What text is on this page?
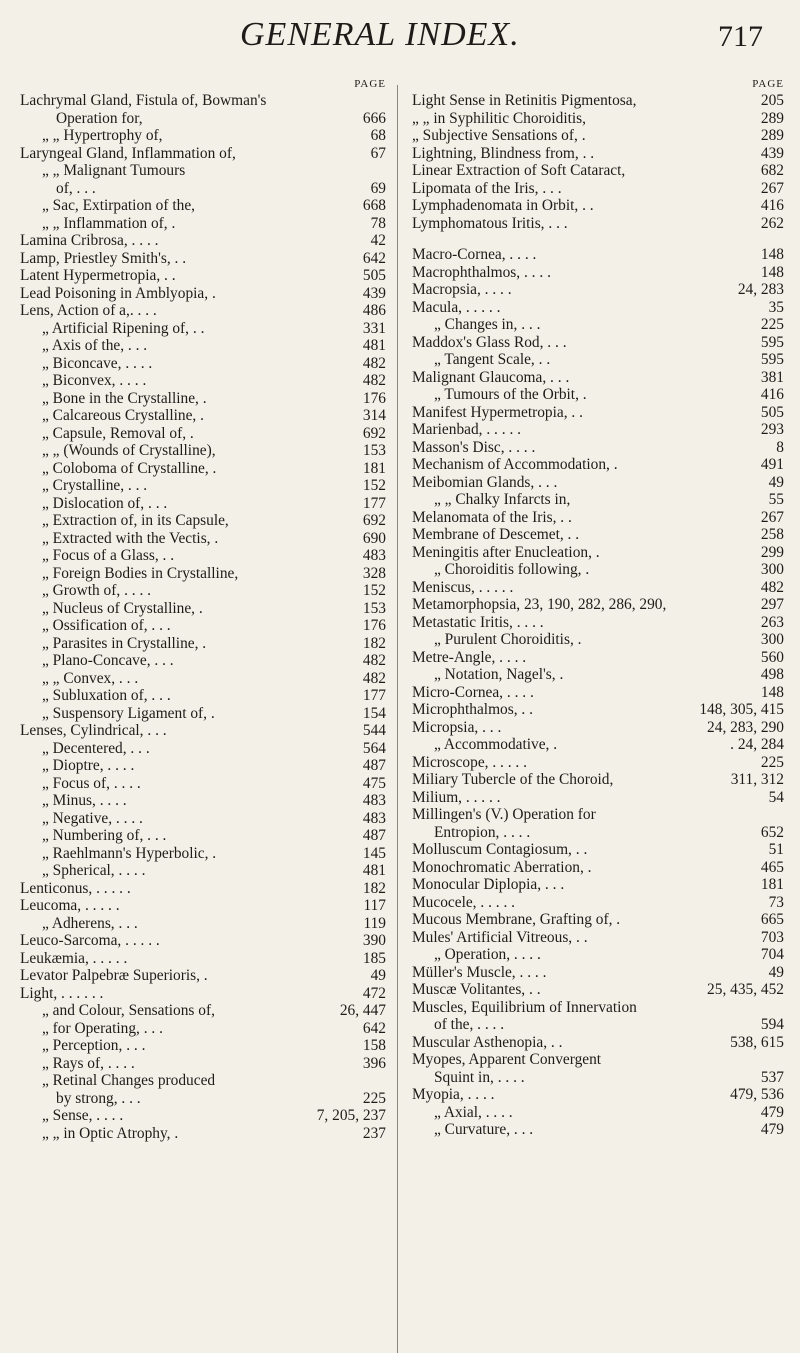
GENERAL INDEX.	717
PAGE
Lachrymal Gland, Fistula of, Bowman's
Operation for,	666
„ „ Hypertrophy of,	68
Laryngeal Gland, Inflammation of,	67
„ „ Malignant Tumours
of, . . .	69
„ Sac, Extirpation of the,	668
„ „ Inflammation of, .	78
Lamina Cribrosa, . . . .	42
Lamp, Priestley Smith's, . .	642
Latent Hypermetropia, . .	505
Lead Poisoning in Amblyopia, .	439
Lens, Action of a,. . . .	486
„ Artificial Ripening of, . .	331
„ Axis of the, . . .	481
„ Biconcave, . . . .	482
„ Biconvex, . . . .	482
„ Bone in the Crystalline, .	176
„ Calcareous Crystalline, .	314
„ Capsule, Removal of, .	692
„ „ (Wounds of Crystalline),	153
„ Coloboma of Crystalline, .	181
„ Crystalline, . . .	152
„ Dislocation of, . . .	177
„ Extraction of, in its Capsule,	692
„ Extracted with the Vectis, .	690
„ Focus of a Glass, . .	483
„ Foreign Bodies in Crystalline,	328
„ Growth of, . . . .	152
„ Nucleus of Crystalline, .	153
„ Ossification of, . . .	176
„ Parasites in Crystalline, .	182
„ Plano-Concave, . . .	482
„ „ Convex, . . .	482
„ Subluxation of, . . .	177
„ Suspensory Ligament of, .	154
Lenses, Cylindrical, . . .	544
„ Decentered, . . .	564
„ Dioptre, . . . .	487
„ Focus of, . . . .	475
„ Minus, . . . .	483
„ Negative, . . . .	483
„ Numbering of, . . .	487
„ Raehlmann's Hyperbolic, .	145
„ Spherical, . . . .	481
Lenticonus, . . . . .	182
Leucoma, . . . . .	117
„ Adherens, . . .	119
Leuco-Sarcoma, . . . . .	390
Leukæmia, . . . . .	185
Levator Palpebræ Superioris, .	49
Light, . . . . . .	472
„ and Colour, Sensations of,	26, 447
„ for Operating, . . .	642
„ Perception, . . .	158
„ Rays of, . . . .	396
„ Retinal Changes produced
by strong, . . .	225
„ Sense, . . . .	7, 205, 237
„ „ in Optic Atrophy, .	237
PAGE
Light Sense in Retinitis Pigmentosa,	205
„ „ in Syphilitic Choroiditis,	289
„ Subjective Sensations of, .	289
Lightning, Blindness from, . .	439
Linear Extraction of Soft Cataract,	682
Lipomata of the Iris, . . .	267
Lymphadenomata in Orbit, . .	416
Lymphomatous Iritis, . . .	262
Macro-Cornea, . . . .	148
Macrophthalmos, . . . .	148
Macropsia, . . . .	24, 283
Macula, . . . . .	35
„ Changes in, . . .	225
Maddox's Glass Rod, . . .	595
„ Tangent Scale, . .	595
Malignant Glaucoma, . . .	381
„ Tumours of the Orbit, .	416
Manifest Hypermetropia, . .	505
Marienbad, . . . . .	293
Masson's Disc, . . . .	8
Mechanism of Accommodation, .	491
Meibomian Glands, . . .	49
„ „ Chalky Infarcts in,	55
Melanomata of the Iris, . .	267
Membrane of Descemet, . .	258
Meningitis after Enucleation, .	299
„ Choroiditis following, .	300
Meniscus, . . . . .	482
Metamorphopsia, 23, 190, 282, 286, 290,	297
Metastatic Iritis, . . . .	263
„ Purulent Choroiditis, .	300
Metre-Angle, . . . .	560
„ Notation, Nagel's, .	498
Micro-Cornea, . . . .	148
Microphthalmos, . .	148, 305, 415
Micropsia, . . .	24, 283, 290
„ Accommodative, .	. 24, 284
Microscope, . . . . .	225
Miliary Tubercle of the Choroid,	311, 312
Milium, . . . . .	54
Millingen's (V.) Operation for
Entropion, . . . .	652
Molluscum Contagiosum, . .	51
Monochromatic Aberration, .	465
Monocular Diplopia, . . .	181
Mucocele, . . . . .	73
Mucous Membrane, Grafting of, .	665
Mules' Artificial Vitreous, . .	703
„ Operation, . . . .	704
Müller's Muscle, . . . .	49
Muscæ Volitantes, . .	25, 435, 452
Muscles, Equilibrium of Innervation
of the, . . . .	594
Muscular Asthenopia, . .	538, 615
Myopes, Apparent Convergent
Squint in, . . . .	537
Myopia, . . . .	479, 536
„ Axial, . . . .	479
„ Curvature, . . .	479
